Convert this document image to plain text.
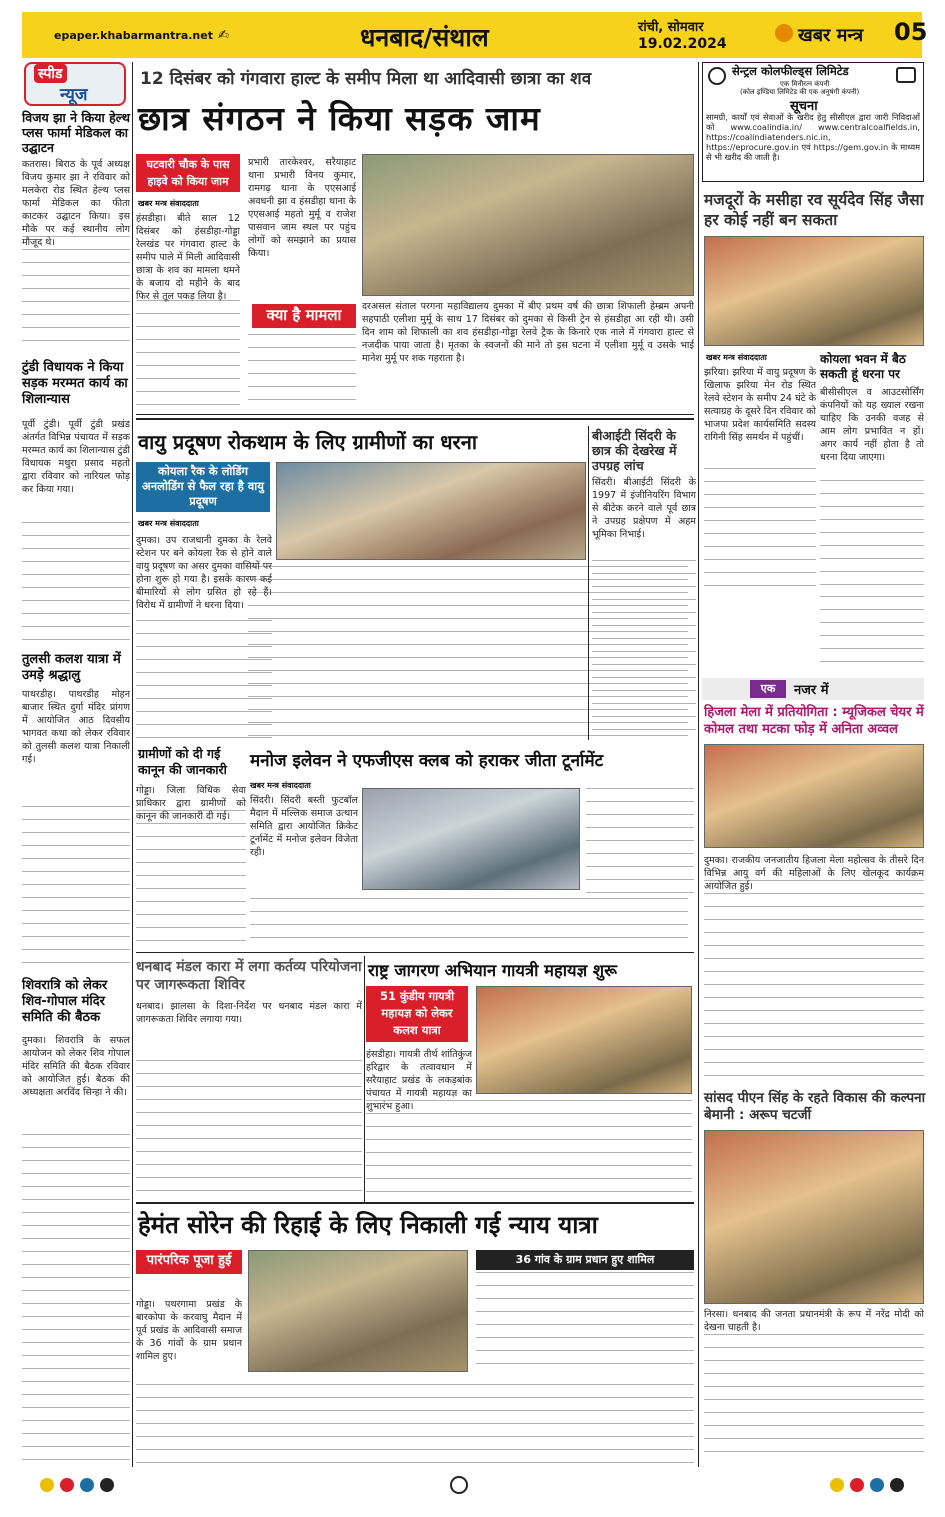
epaper.khabarmantra.net ✍	धनबाद/संथाल	रांची, सोमवार
19.02.2024	खबर मन्त्र 05
स्पीड
न्यूज
विजय झा ने किया हेल्थ प्लस फार्मा मेडिकल का उद्घाटन
कतरास। बिराठ के पूर्व अध्यक्ष विजय कुमार झा ने रविवार को मलकेरा रोड स्थित हेल्थ प्लस फार्मा मेडिकल का फीता काटकर उद्घाटन किया। इस मौके पर कई स्थानीय लोग मौजूद थे।
टुंडी विधायक ने किया सड़क मरम्मत कार्य का शिलान्यास
पूर्वी टुंडी। पूर्वी टुंडी प्रखंड अंतर्गत विभिन्न पंचायत में सड़क मरम्मत कार्य का शिलान्यास टुंडी विधायक मथुरा प्रसाद महतो द्वारा रविवार को नारियल फोड़ कर किया गया।
तुलसी कलश यात्रा में उमड़े श्रद्धालु
पाथरडीह। पाथरडीह मोहन बाजार स्थित दुर्गा मंदिर प्रांगण में आयोजित आठ दिवसीय भागवत कथा को लेकर रविवार को तुलसी कलश यात्रा निकाली गई।
शिवरात्रि को लेकर शिव-गोपाल मंदिर समिति की बैठक
दुमका। शिवरात्रि के सफल आयोजन को लेकर शिव गोपाल मंदिर समिति की बैठक रविवार को आयोजित हुई। बैठक की अध्यक्षता अरविंद सिन्हा ने की।
12 दिसंबर को गंगवारा हाल्ट के समीप मिला था आदिवासी छात्रा का शव
छात्र संगठन ने किया सड़क जाम
घटवारी चौक के पास हाइवे को किया जाम
खबर मन्त्र संवाददाता
हंसडीहा। बीते साल 12 दिसंबर को हंसडीहा-गोड्डा रेलखंड पर गंगवारा हाल्ट के समीप पाले में मिली आदिवासी छात्रा के शव का मामला थमने के बजाय दो महीने के बाद फिर से तूल पकड़ लिया है।
प्रभारी तारकेश्वर, सरैयाहाट थाना प्रभारी विनय कुमार, रामगढ़ थाना के एएसआई अवधनी झा व हंसडीहा थाना के एएसआई महतो मुर्मू व राजेश पासवान जाम स्थल पर पहुंच लोगों को समझाने का प्रयास किया।
क्या है मामला	दरअसल संताल परगना महाविद्यालय दुमका में बीए प्रथम वर्ष की छात्रा शिफाली हेम्ब्रम अपनी सहपाठी एलीशा मुर्मू के साथ 17 दिसंबर को दुमका से किसी ट्रेन से हंसडीहा आ रही थी। उसी दिन शाम को शिफाली का शव हंसडीहा-गोड्डा रेलवे ट्रैक के किनारे एक नाले में गंगवारा हाल्ट से नजदीक पाया जाता है। मृतका के स्वजनों की माने तो इस घटना में एलीशा मुर्मू व उसके भाई मानेश मुर्मू पर शक गहराता है।
सेन्ट्रल कोलफील्ड्स लिमिटेड
एक मिनीरत्न कंपनी
(कोल इण्डिया लिमिटेड की एक अनुषंगी कंपनी)
सूचना
सामग्री, कार्यों एवं सेवाओं के खरीद हेतु सीसीएल द्वारा जारी निविदाओं को www.coalindia.in/ www.centralcoalfields.in, https://coalindiatenders.nic.in, https://eprocure.gov.in एवं https://gem.gov.in के माध्यम से भी खरीद की जाती है।
मजदूरों के मसीहा रव सूर्यदेव सिंह जैसा हर कोई नहीं बन सकता
खबर मन्त्र संवाददाता
झरिया। झरिया में वायु प्रदूषण के खिलाफ झरिया मेन रोड स्थित रेलवे स्टेशन के समीप 24 घंटे के सत्याग्रह के दूसरे दिन रविवार को भाजपा प्रदेश कार्यसमिति सदस्य रागिनी सिंह समर्थन में पहुंचीं।
कोयला भवन में बैठ सकती हूं धरना पर
बीसीसीएल व आउटसोर्सिंग कंपनियों को यह ख्याल रखना चाहिए कि उनकी वजह से आम लोग प्रभावित न हों। अगर कार्य नहीं होता है तो धरना दिया जाएगा।
वायु प्रदूषण रोकथाम के लिए ग्रामीणों का धरना
कोयला रैक के लोडिंग अनलोडिंग से फैल रहा है वायु प्रदूषण
खबर मन्त्र संवाददाता
दुमका। उप राजधानी दुमका के रेलवे स्टेशन पर बने कोयला रैक से होने वाले वायु प्रदूषण का असर दुमका वासियों पर होना शुरू हो गया है। इसके कारण कई बीमारियों से लोग ग्रसित हो रहे हैं। विरोध में ग्रामीणों ने धरना दिया।
ग्रामीणों को दी गई कानून की जानकारी
गोड्डा। जिला विधिक सेवा प्राधिकार द्वारा ग्रामीणों को कानून की जानकारी दी गई।
बीआईटी सिंदरी के छात्र की देखरेख में उपग्रह लांच
सिंदरी। बीआईटी सिंदरी के 1997 में इंजीनियरिंग विभाग से बीटेक करने वाले पूर्व छात्र ने उपग्रह प्रक्षेपण में अहम भूमिका निभाई।
मनोज इलेवन ने एफजीएस क्लब को हराकर जीता टूर्नामेंट
खबर मन्त्र संवाददाता
सिंदरी। सिंदरी बस्ती फुटबॉल मैदान में मल्लिक समाज उत्थान समिति द्वारा आयोजित क्रिकेट टूर्नामेंट में मनोज इलेवन विजेता रही।
एक	नजर में
हिजला मेला में प्रतियोगिता : म्यूजिकल चेयर में कोमल तथा मटका फोड़ में अनिता अव्वल
दुमका। राजकीय जनजातीय हिजला मेला महोत्सव के तीसरे दिन विभिन्न आयु वर्ग की महिलाओं के लिए खेलकूद कार्यक्रम आयोजित हुई।
सांसद पीएन सिंह के रहते विकास की कल्पना बेमानी : अरूप चटर्जी
निरसा। धनबाद की जनता प्रधानमंत्री के रूप में नरेंद्र मोदी को देखना चाहती है।
धनबाद मंडल कारा में लगा कर्तव्य परियोजना पर जागरूकता शिविर
धनबाद। झालसा के दिशा-निर्देश पर धनबाद मंडल कारा में जागरूकता शिविर लगाया गया।
राष्ट्र जागरण अभियान गायत्री महायज्ञ शुरू
51 कुंडीय गायत्री महायज्ञ को लेकर कलश यात्रा
हंसडीहा। गायत्री तीर्थ शांतिकुंज हरिद्वार के तत्वावधान में सरैयाहाट प्रखंड के लकड़बांक पंचायत में गायत्री महायज्ञ का शुभारंभ हुआ।
हेमंत सोरेन की रिहाई के लिए निकाली गई न्याय यात्रा
पारंपरिक पूजा हुई	36 गांव के ग्राम प्रधान हुए शामिल
गोड्डा। पथरगामा प्रखंड के बारकोपा के करवाघु मैदान में पूर्व प्रखंड के आदिवासी समाज के 36 गांवों के ग्राम प्रधान शामिल हुए।
